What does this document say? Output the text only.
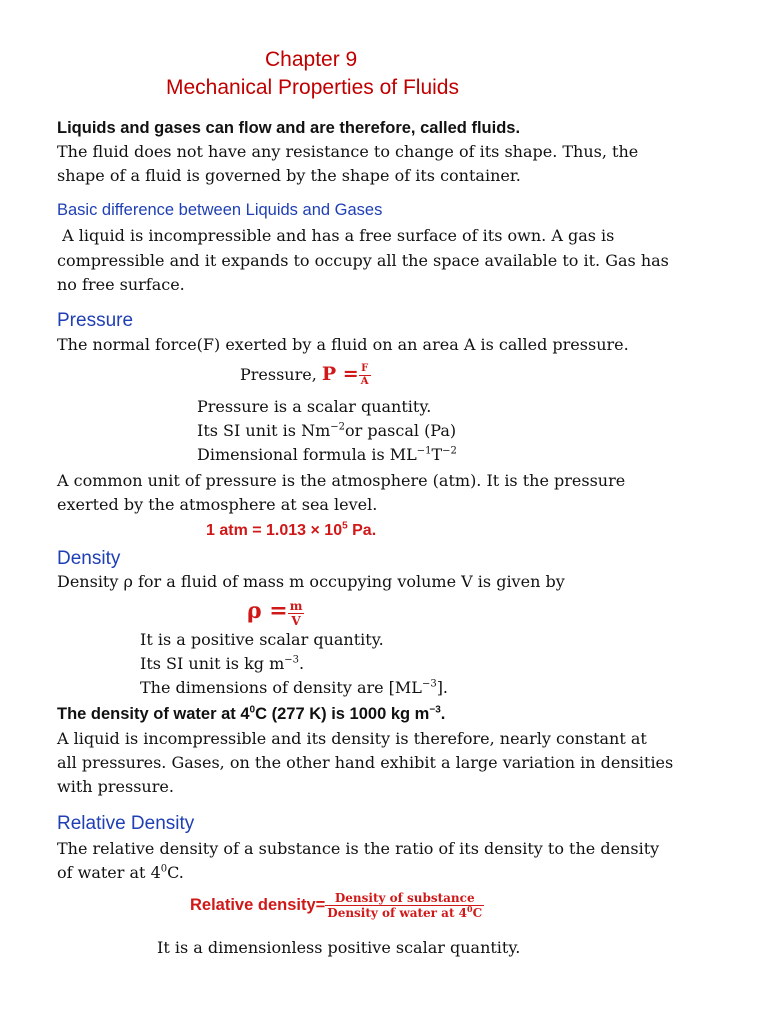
Chapter 9
Mechanical Properties of Fluids
Liquids and gases can flow and are therefore, called fluids.
The fluid does not have any resistance to change of its shape. Thus, the
shape of a fluid is governed by the shape of its container.
Basic difference between Liquids and Gases
A liquid is incompressible and has a free surface of its own. A gas is
compressible and it expands to occupy all the space available to it. Gas has
no free surface.
Pressure
The normal force(F) exerted by a fluid on an area A is called pressure.
Pressure, $P = \frac{F}{A}$
Pressure is a scalar quantity.
Its SI unit is $Nm^{-2}or$ pascal (Pa)
Dimensional formula is $ML^{-1}T^{-2}$
A common unit of pressure is the atmosphere (atm). It is the pressure
exerted by the atmosphere at sea level.
1 atm = $1.013 \times 10^5$ Pa.
Density
Density ρ for a fluid of mass m occupying volume V is given by
$\rho = \frac{m}{V}$
It is a positive scalar quantity.
Its SI unit is kg $m^{-3}$.
The dimensions of density are $[ML^{-3}]$.
The density of water at $4^0C$ (277 K) is 1000 kg $m^{-3}$.
A liquid is incompressible and its density is therefore, nearly constant at
all pressures. Gases, on the other hand exhibit a large variation in densities
with pressure.
Relative Density
The relative density of a substance is the ratio of its density to the density
of water at $4^0C$.
Relative density= $\frac{\text{Density of substance}}{Density of water at 4^0C}$
It is a dimensionless positive scalar quantity.
